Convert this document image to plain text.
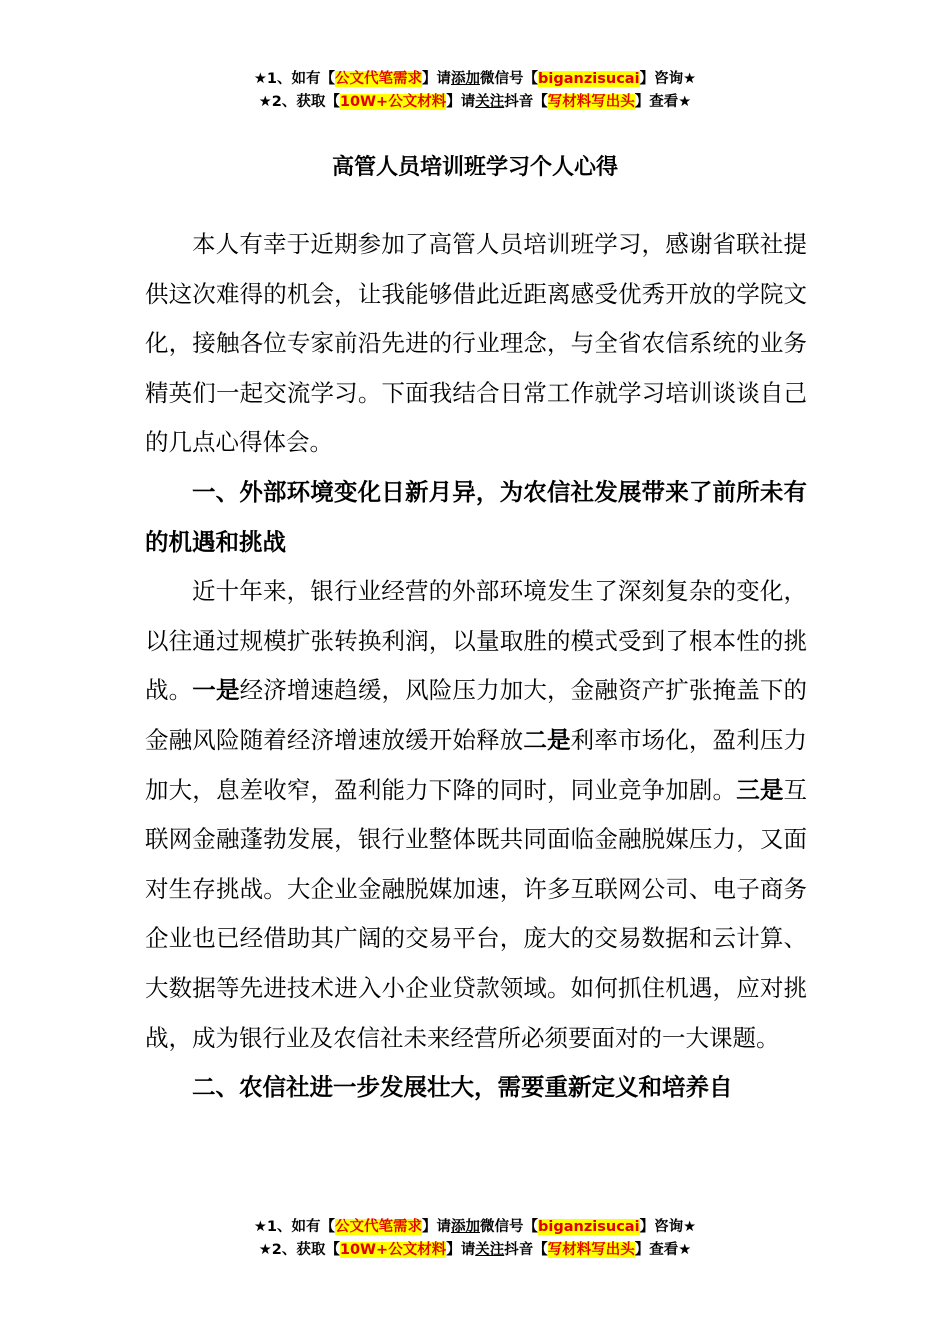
★1、如有【公文代笔需求】请添加微信号【biganzisucai】咨询★
★2、获取【10W+公文材料】请关注抖音【写材料写出头】查看★
高管人员培训班学习个人心得

本人有幸于近期参加了高管人员培训班学习，感谢省联社提供这次难得的机会，让我能够借此近距离感受优秀开放的学院文化，接触各位专家前沿先进的行业理念，与全省农信系统的业务精英们一起交流学习。下面我结合日常工作就学习培训谈谈自己的几点心得体会。

一、外部环境变化日新月异，为农信社发展带来了前所未有的机遇和挑战

近十年来，银行业经营的外部环境发生了深刻复杂的变化，以往通过规模扩张转换利润，以量取胜的模式受到了根本性的挑战。一是经济增速趋缓，风险压力加大，金融资产扩张掩盖下的金融风险随着经济增速放缓开始释放二是利率市场化，盈利压力加大，息差收窄，盈利能力下降的同时，同业竞争加剧。三是互联网金融蓬勃发展，银行业整体既共同面临金融脱媒压力，又面对生存挑战。大企业金融脱媒加速，许多互联网公司、电子商务企业也已经借助其广阔的交易平台，庞大的交易数据和云计算、大数据等先进技术进入小企业贷款领域。如何抓住机遇，应对挑战，成为银行业及农信社未来经营所必须要面对的一大课题。

二、农信社进一步发展壮大，需要重新定义和培养自

★1、如有【公文代笔需求】请添加微信号【biganzisucai】咨询★
★2、获取【10W+公文材料】请关注抖音【写材料写出头】查看★
